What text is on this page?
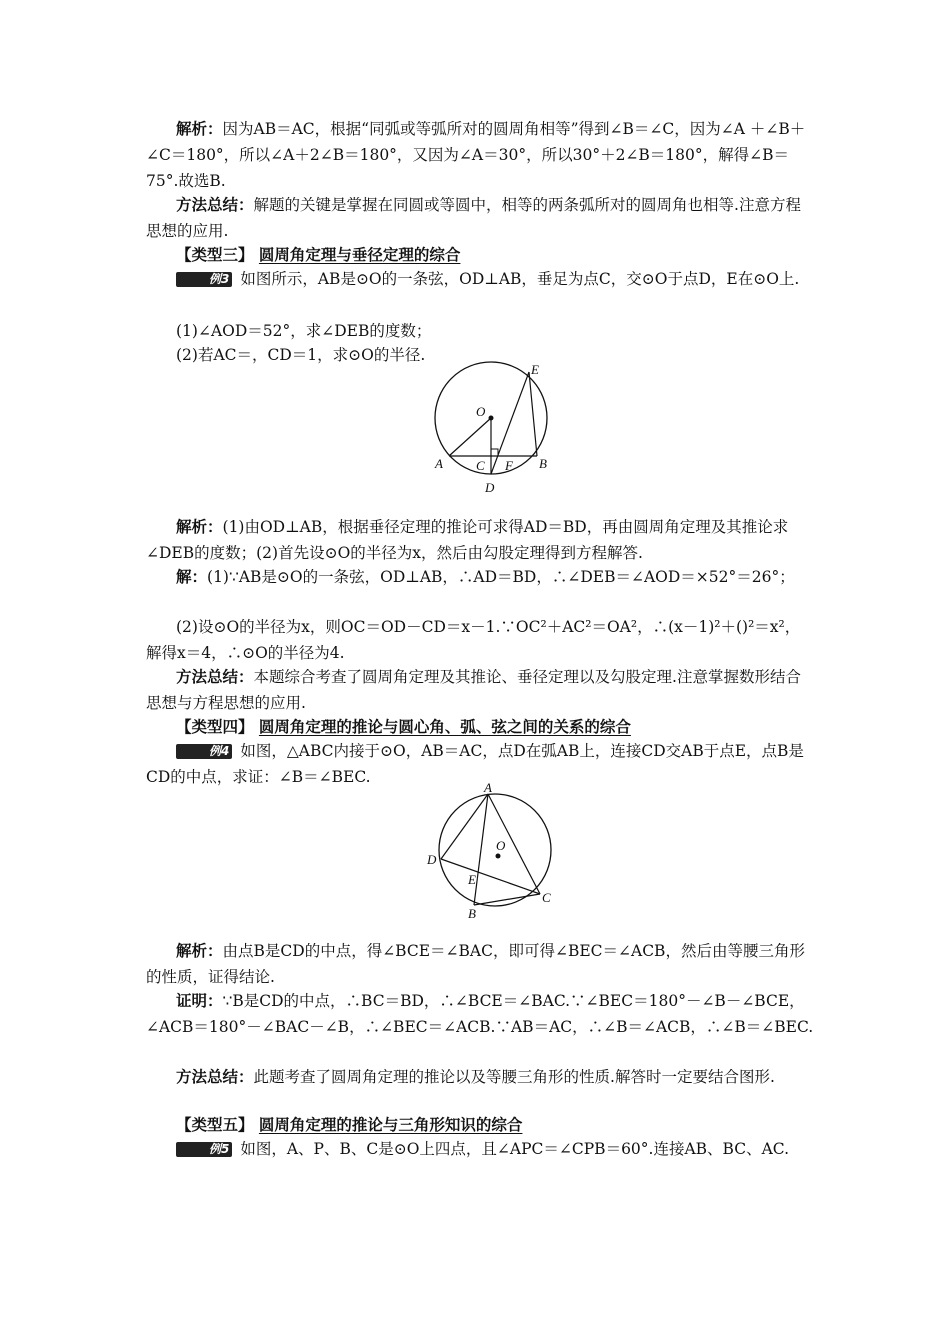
解析：因为AB＝AC，根据“同弧或等弧所对的圆周角相等”得到∠B＝∠C，因为∠A ＋∠B＋∠C＝180°，所以∠A＋2∠B＝180°，又因为∠A＝30°，所以30°＋2∠B＝180°，解得∠B＝75°.故选B.

方法总结：解题的关键是掌握在同圆或等圆中，相等的两条弧所对的圆周角也相等.注意方程思想的应用.

【类型三】 圆周角定理与垂径定理的综合

例3 如图所示，AB是⊙O的一条弦，OD⊥AB，垂足为点C，交⊙O于点D，E在⊙O上.

(1)∠AOD＝52°，求∠DEB的度数；

(2)若AC＝，CD＝1，求⊙O的半径.

O
A	B
C F
D
E

解析：(1)由OD⊥AB，根据垂径定理的推论可求得AD＝BD，再由圆周角定理及其推论求∠DEB的度数；(2)首先设⊙O的半径为x，然后由勾股定理得到方程解答.

解：(1)∵AB是⊙O的一条弦，OD⊥AB，∴AD＝BD，∴∠DEB＝∠AOD＝×52°＝26°；

(2)设⊙O的半径为x，则OC＝OD－CD＝x－1.∵OC²＋AC²＝OA²，∴(x－1)²＋()²＝x²，解得x＝4，∴⊙O的半径为4.

方法总结：本题综合考查了圆周角定理及其推论、垂径定理以及勾股定理.注意掌握数形结合思想与方程思想的应用.

【类型四】 圆周角定理的推论与圆心角、弧、弦之间的关系的综合

例4 如图，△ABC内接于⊙O，AB＝AC，点D在弧AB上，连接CD交AB于点E，点B是CD的中点，求证：∠B＝∠BEC.

A
O
D
E
C
B

解析：由点B是CD的中点，得∠BCE＝∠BAC，即可得∠BEC＝∠ACB，然后由等腰三角形的性质，证得结论.

证明：∵B是CD的中点，∴BC＝BD，∴∠BCE＝∠BAC.∵∠BEC＝180°－∠B－∠BCE，∠ACB＝180°－∠BAC－∠B，∴∠BEC＝∠ACB.∵AB＝AC，∴∠B＝∠ACB，∴∠B＝∠BEC.

方法总结：此题考查了圆周角定理的推论以及等腰三角形的性质.解答时一定要结合图形.

【类型五】 圆周角定理的推论与三角形知识的综合

例5 如图，A、P、B、C是⊙O上四点，且∠APC＝∠CPB＝60°.连接AB、BC、AC.
